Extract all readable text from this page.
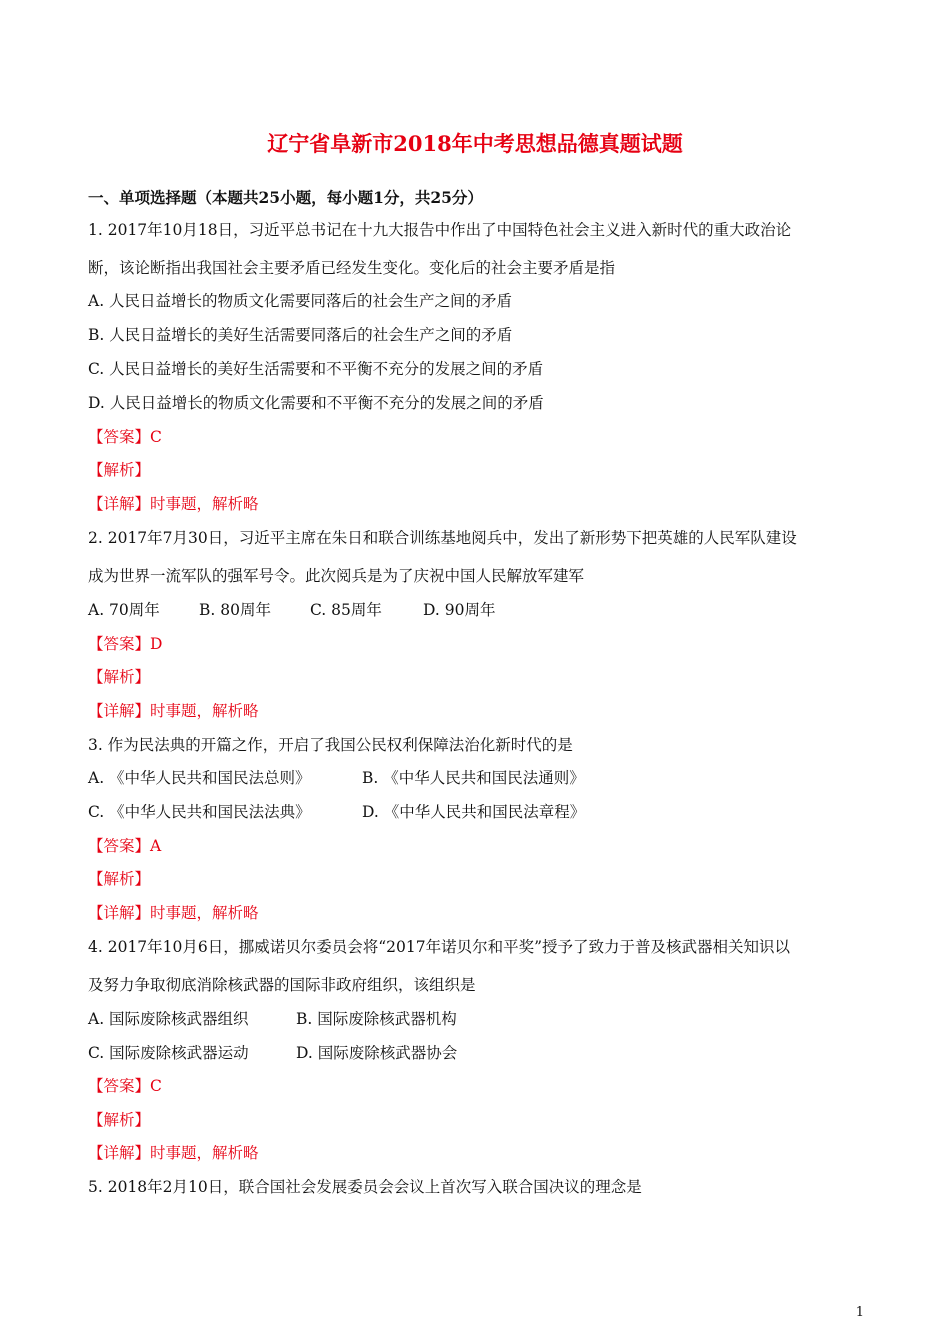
辽宁省阜新市2018年中考思想品德真题试题
一、单项选择题（本题共25小题，每小题1分，共25分）
1. 2017年10月18日，习近平总书记在十九大报告中作出了中国特色社会主义进入新时代的重大政治论
断，该论断指出我国社会主要矛盾已经发生变化。变化后的社会主要矛盾是指
A. 人民日益增长的物质文化需要同落后的社会生产之间的矛盾
B. 人民日益增长的美好生活需要同落后的社会生产之间的矛盾
C. 人民日益增长的美好生活需要和不平衡不充分的发展之间的矛盾
D. 人民日益增长的物质文化需要和不平衡不充分的发展之间的矛盾
【答案】C
【解析】
【详解】时事题，解析略
2. 2017年7月30日，习近平主席在朱日和联合训练基地阅兵中，发出了新形势下把英雄的人民军队建设
成为世界一流军队的强军号令。此次阅兵是为了庆祝中国人民解放军建军
A. 70周年	B. 80周年	C. 85周年	D. 90周年
【答案】D
【解析】
【详解】时事题，解析略
3. 作为民法典的开篇之作，开启了我国公民权利保障法治化新时代的是
A. 《中华人民共和国民法总则》	B. 《中华人民共和国民法通则》
C. 《中华人民共和国民法法典》	D. 《中华人民共和国民法章程》
【答案】A
【解析】
【详解】时事题，解析略
4. 2017年10月6日，挪威诺贝尔委员会将“2017年诺贝尔和平奖”授予了致力于普及核武器相关知识以
及努力争取彻底消除核武器的国际非政府组织，该组织是
A. 国际废除核武器组织	B. 国际废除核武器机构
C. 国际废除核武器运动	D. 国际废除核武器协会
【答案】C
【解析】
【详解】时事题，解析略
5. 2018年2月10日，联合国社会发展委员会会议上首次写入联合国决议的理念是
1
